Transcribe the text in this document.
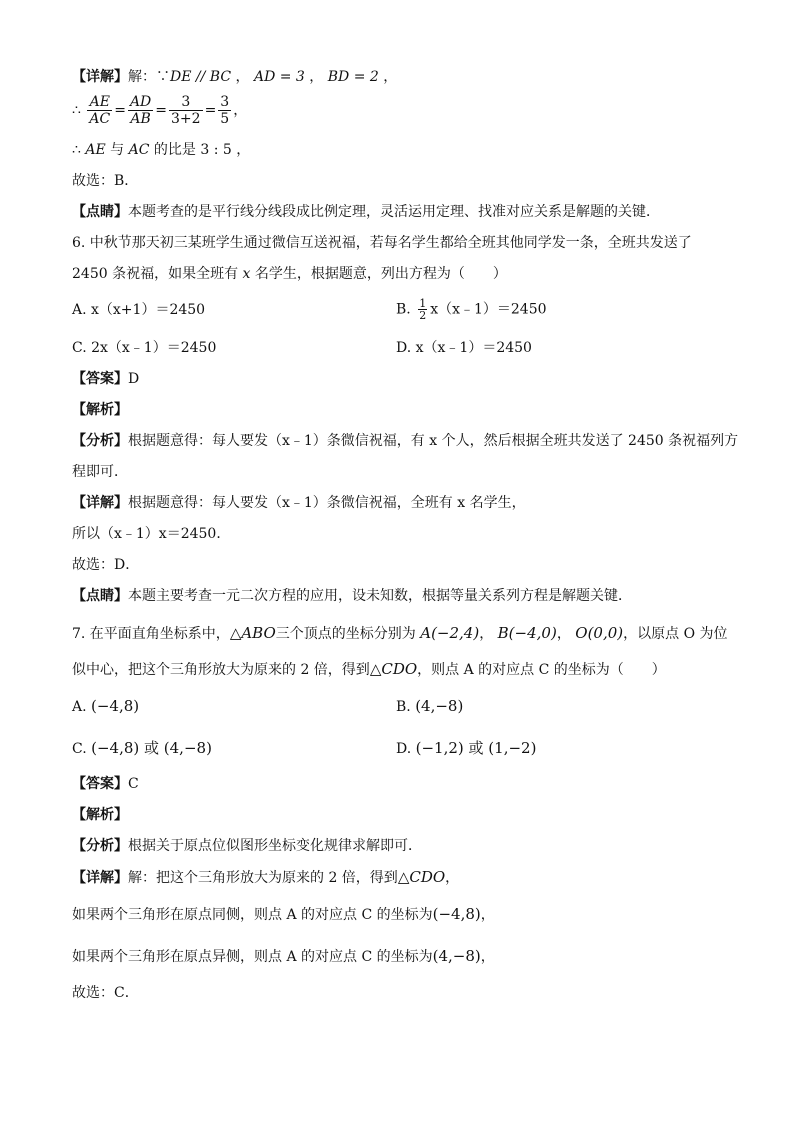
【详解】解：∵DE // BC ， AD = 3 ， BD = 2 ，
∴ $\frac{AE}{AC} = \frac{AD}{AB} = \frac{3}{3+2} = \frac{3}{5}$ ，
∴ AE 与 AC 的比是 3 : 5 ，
故选：B．
【点睛】本题考查的是平行线分线段成比例定理，灵活运用定理、找准对应关系是解题的关键．
6. 中秋节那天初三某班学生通过微信互送祝福，若每名学生都给全班其他同学发一条，全班共发送了
2450 条祝福，如果全班有 x 名学生，根据题意，列出方程为（　　）
A. x（x+1）＝2450	B. $\frac{1}{2}$ x（x﹣1）＝2450
C. 2x（x﹣1）＝2450	D. x（x﹣1）＝2450
【答案】D
【解析】
【分析】根据题意得：每人要发（x﹣1）条微信祝福，有 x 个人，然后根据全班共发送了 2450 条祝福列方
程即可．
【详解】根据题意得：每人要发（x﹣1）条微信祝福，全班有 x 名学生，
所以（x﹣1）x＝2450．
故选：D．
【点睛】本题主要考查一元二次方程的应用，设未知数，根据等量关系列方程是解题关键．
7. 在平面直角坐标系中，△ABO三个顶点的坐标分别为 A(−2,4)， B(−4,0)， O(0,0)，以原点 O 为位
似中心，把这个三角形放大为原来的 2 倍，得到△CDO，则点 A 的对应点 C 的坐标为（　　）
A. (−4,8)	B. (4,−8)
C. (−4,8) 或 (4,−8)	D. (−1,2) 或 (1,−2)
【答案】C
【解析】
【分析】根据关于原点位似图形坐标变化规律求解即可．
【详解】解：把这个三角形放大为原来的 2 倍，得到△CDO，
如果两个三角形在原点同侧，则点 A 的对应点 C 的坐标为(−4,8)，
如果两个三角形在原点异侧，则点 A 的对应点 C 的坐标为(4,−8)，
故选：C．
